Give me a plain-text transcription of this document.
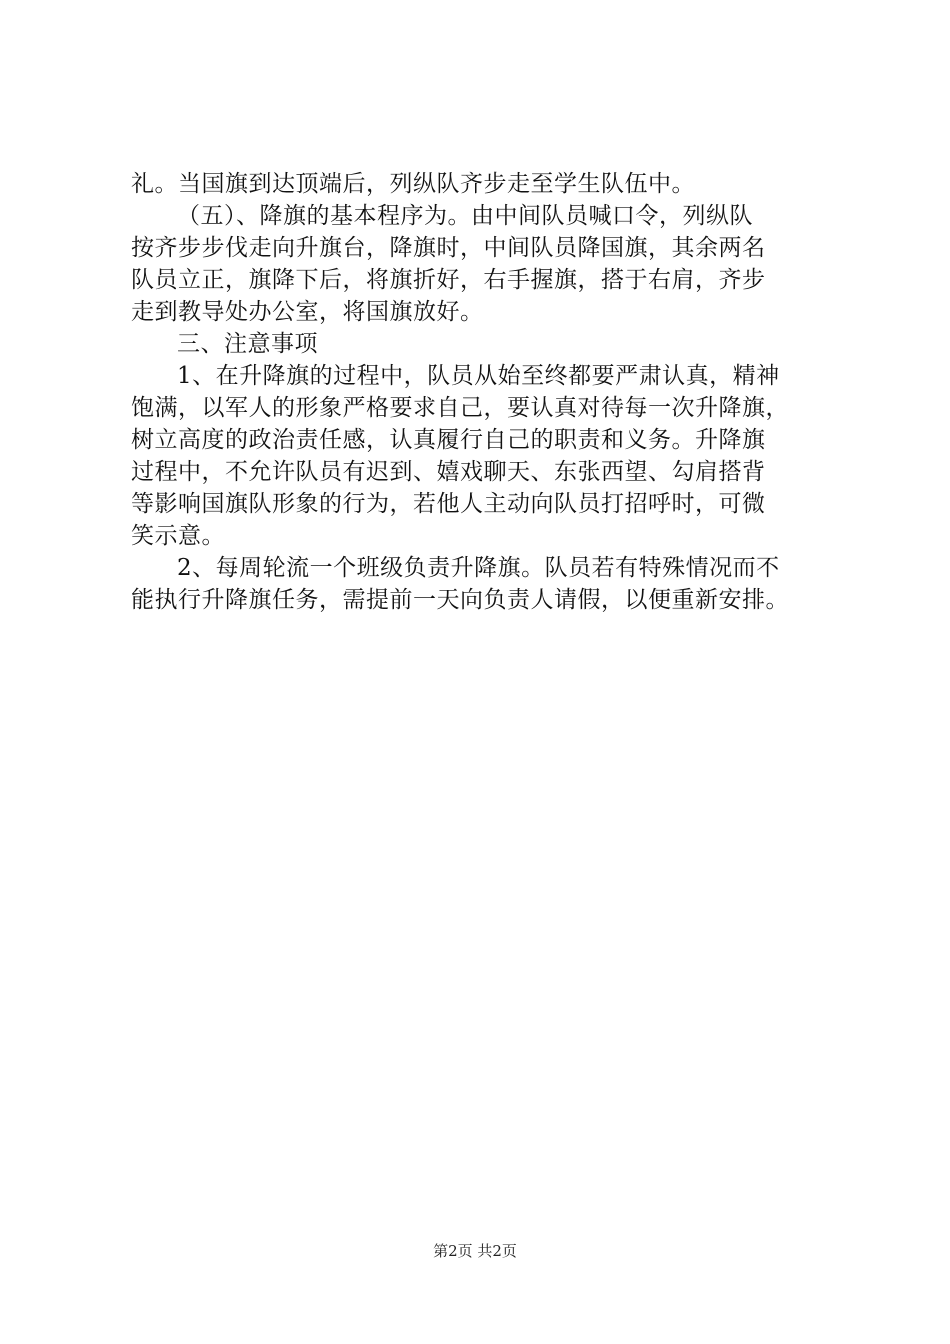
礼。当国旗到达顶端后，列纵队齐步走至学生队伍中。
（五）、降旗的基本程序为。由中间队员喊口令，列纵队
按齐步步伐走向升旗台，降旗时，中间队员降国旗，其余两名
队员立正，旗降下后，将旗折好，右手握旗，搭于右肩，齐步
走到教导处办公室，将国旗放好。
三、注意事项
1、在升降旗的过程中，队员从始至终都要严肃认真，精神
饱满，以军人的形象严格要求自己，要认真对待每一次升降旗，
树立高度的政治责任感，认真履行自己的职责和义务。升降旗
过程中，不允许队员有迟到、嬉戏聊天、东张西望、勾肩搭背
等影响国旗队形象的行为，若他人主动向队员打招呼时，可微
笑示意。
2、每周轮流一个班级负责升降旗。队员若有特殊情况而不
能执行升降旗任务，需提前一天向负责人请假，以便重新安排。
第2页 共2页
